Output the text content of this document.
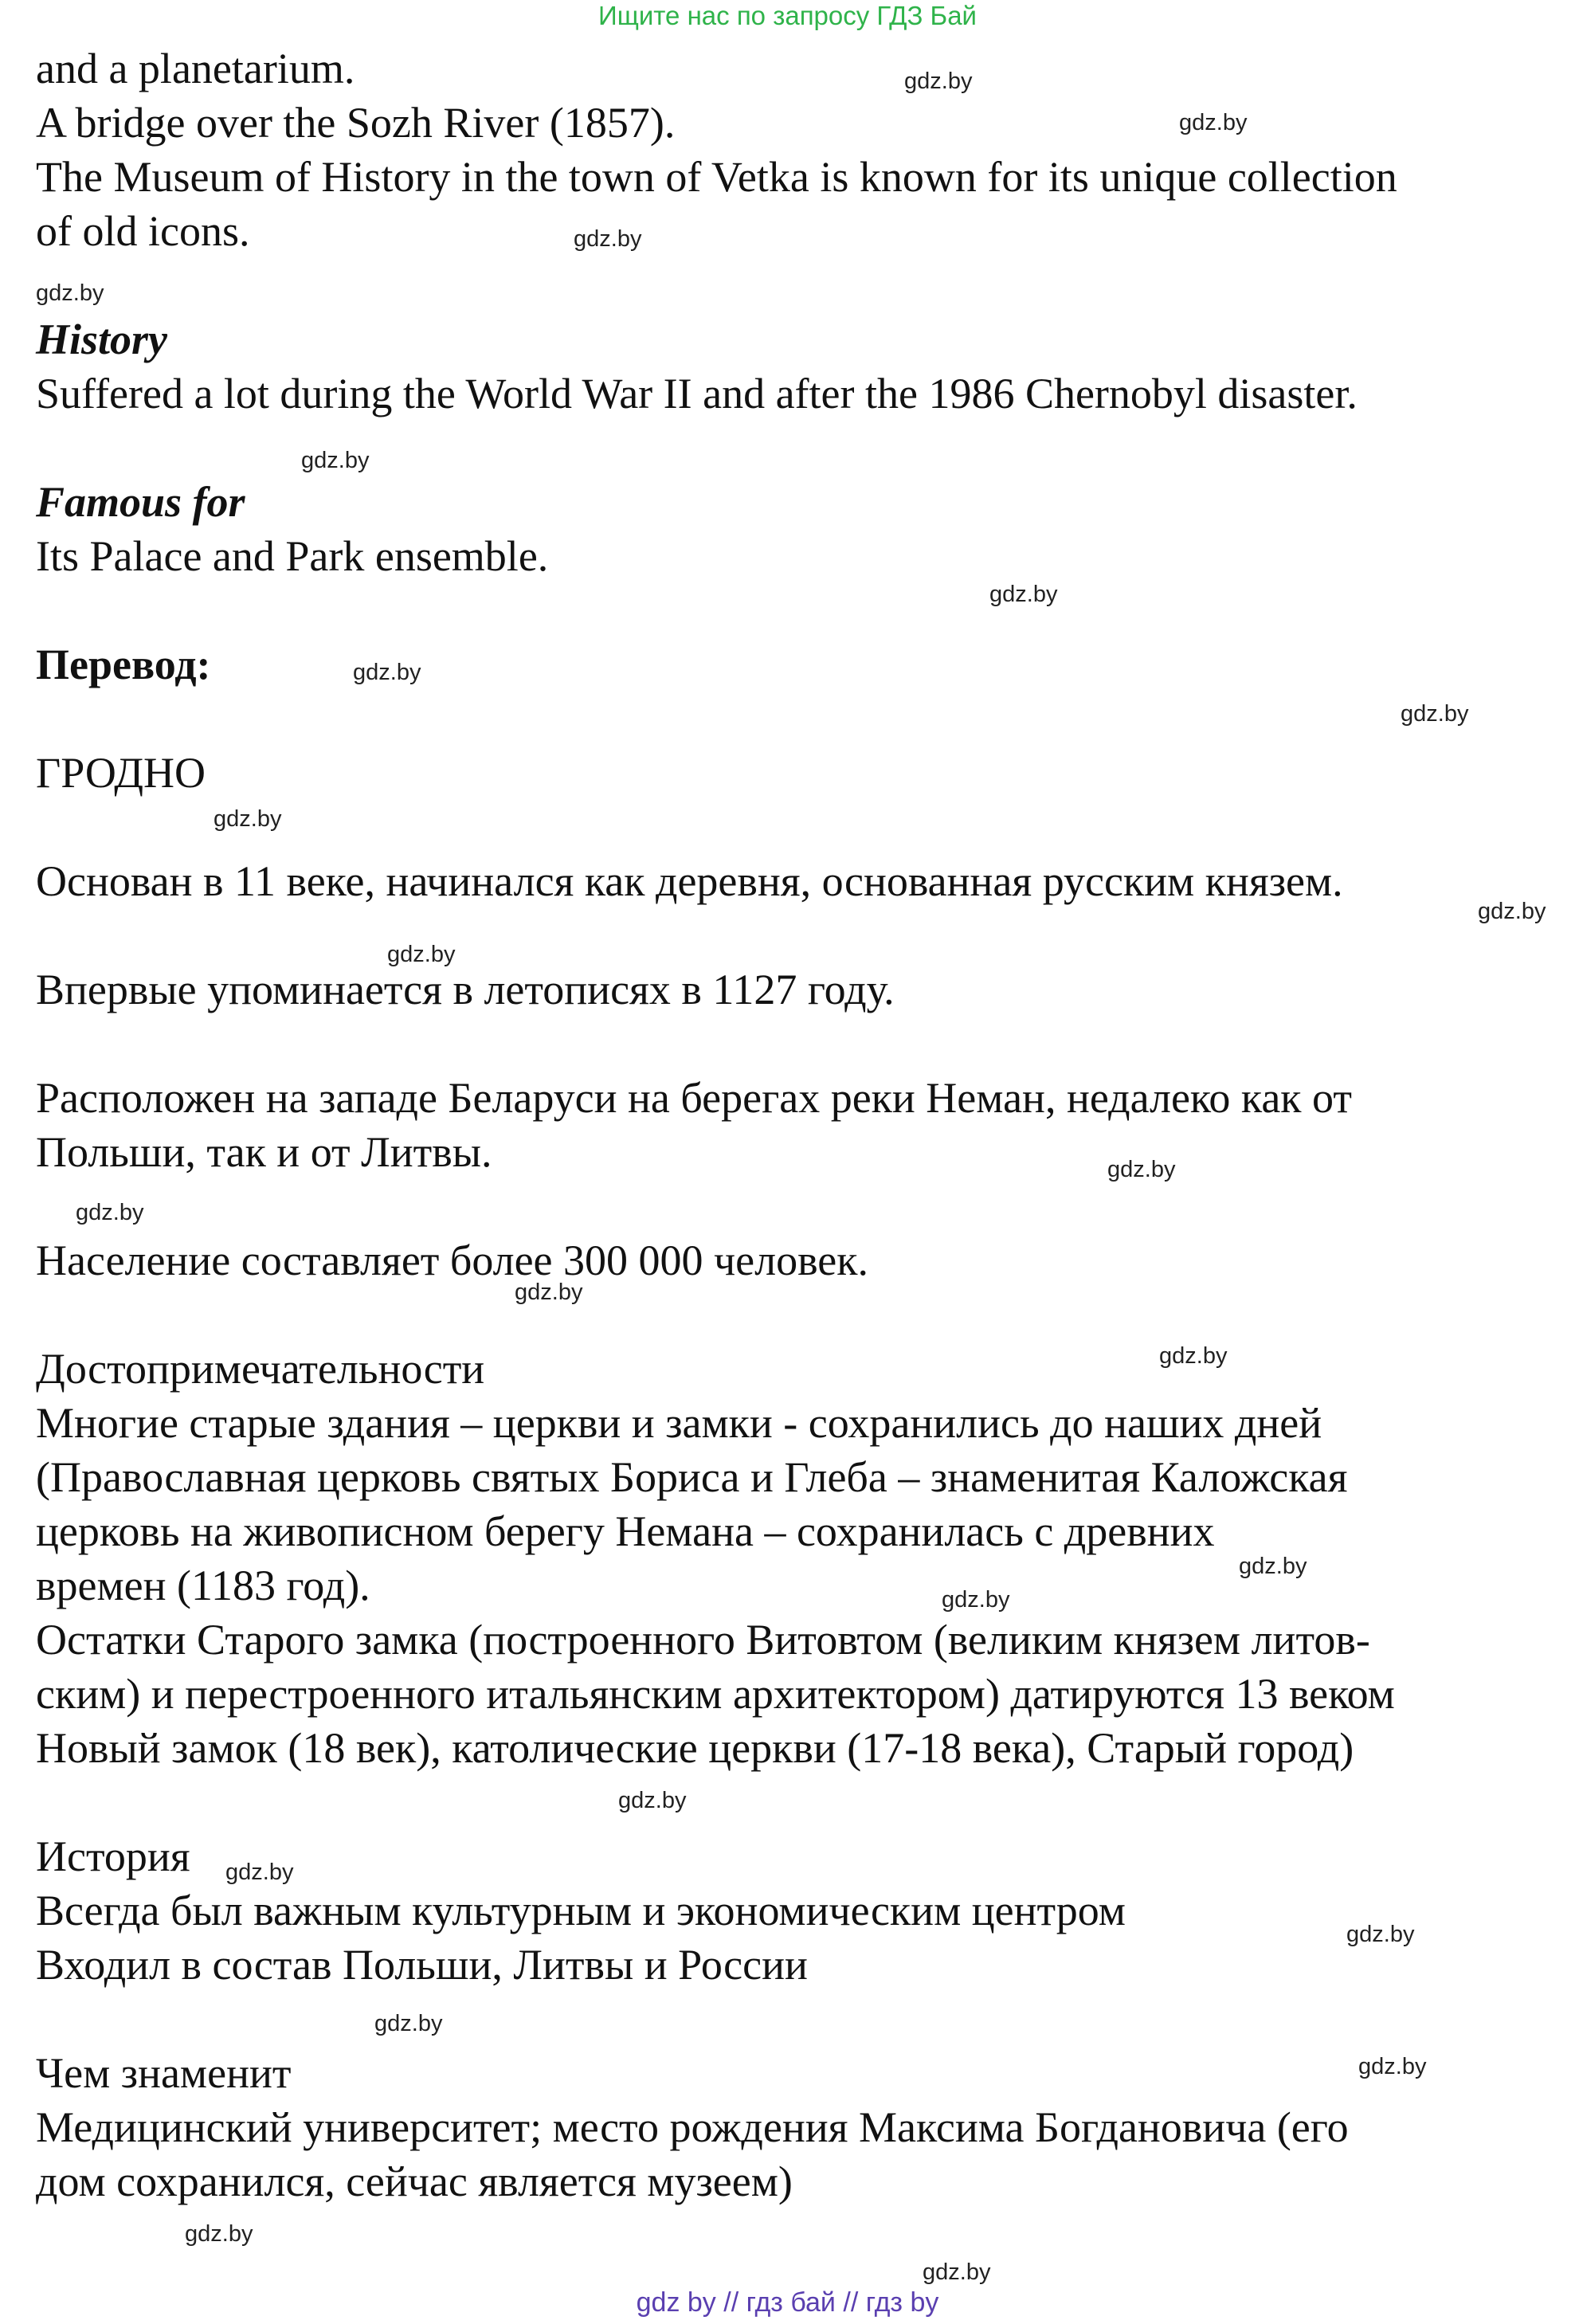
Ищите нас по запросу ГДЗ Бай
and a planetarium.
A bridge over the Sozh River (1857).
The Museum of History in the town of Vetka is known for its unique collection
of old icons.
History
Suffered a lot during the World War II and after the 1986 Chernobyl disaster.
Famous for
Its Palace and Park ensemble.
Перевод:
ГРОДНО
Основан в 11 веке, начинался как деревня, основанная русским князем.
Впервые упоминается в летописях в 1127 году.
Расположен на западе Беларуси на берегах реки Неман, недалеко как от
Польши, так и от Литвы.
Население составляет более 300 000 человек.
Достопримечательности
Многие старые здания – церкви и замки - сохранились до наших дней
(Православная церковь святых Бориса и Глеба – знаменитая Каложская
церковь на живописном берегу Немана – сохранилась с древних
времен (1183 год).
Остатки Старого замка (построенного Витовтом (великим князем литов-
ским) и перестроенного итальянским архитектором) датируются 13 веком
Новый замок (18 век), католические церкви (17-18 века), Старый город)
История
Всегда был важным культурным и экономическим центром
Входил в состав Польши, Литвы и России
Чем знаменит
Медицинский университет; место рождения Максима Богдановича (его
дом сохранился, сейчас является музеем)
gdz.by
gdz.by
gdz.by
gdz.by
gdz.by
gdz.by
gdz.by
gdz.by
gdz.by
gdz.by
gdz.by
gdz.by
gdz.by
gdz.by
gdz.by
gdz.by
gdz.by
gdz.by
gdz.by
gdz.by
gdz.by
gdz.by
gdz.by
gdz.by
gdz by // гдз бай // гдз by
